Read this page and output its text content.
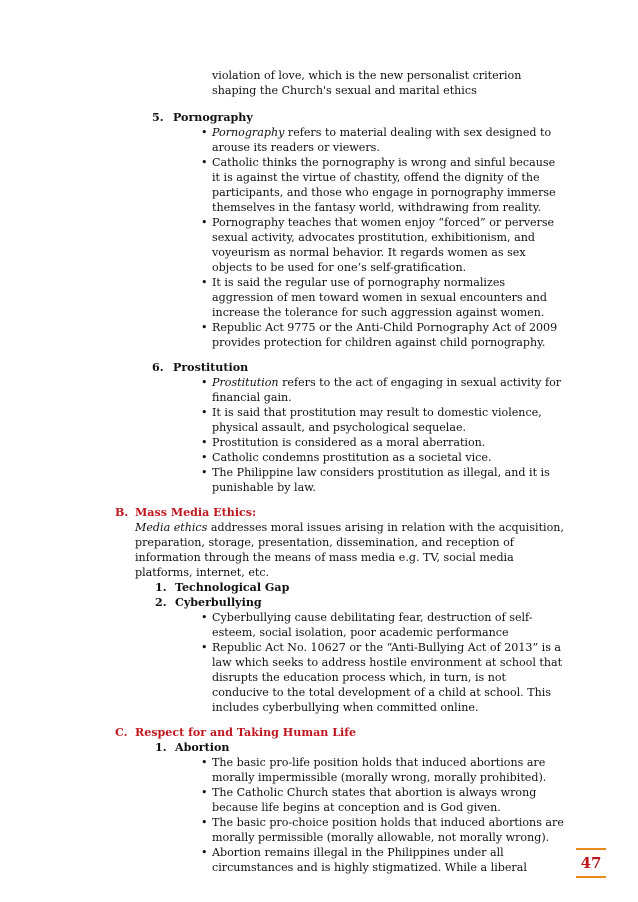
violation of love, which is the new personalist criterion
shaping the Church's sexual and marital ethics
5. Pornography
• Pornography refers to material dealing with sex designed to
arouse its readers or viewers.
• Catholic thinks the pornography is wrong and sinful because
it is against the virtue of chastity, offend the dignity of the
participants, and those who engage in pornography immerse
themselves in the fantasy world, withdrawing from reality.
• Pornography teaches that women enjoy “forced” or perverse
sexual activity, advocates prostitution, exhibitionism, and
voyeurism as normal behavior. It regards women as sex
objects to be used for one’s self-gratification.
• It is said the regular use of pornography normalizes
aggression of men toward women in sexual encounters and
increase the tolerance for such aggression against women.
• Republic Act 9775 or the Anti-Child Pornography Act of 2009
provides protection for children against child pornography.
6. Prostitution
• Prostitution refers to the act of engaging in sexual activity for
financial gain.
• It is said that prostitution may result to domestic violence,
physical assault, and psychological sequelae.
• Prostitution is considered as a moral aberration.
• Catholic condemns prostitution as a societal vice.
• The Philippine law considers prostitution as illegal, and it is
punishable by law.
B. Mass Media Ethics:
Media ethics addresses moral issues arising in relation with the acquisition,
preparation, storage, presentation, dissemination, and reception of
information through the means of mass media e.g. TV, social media
platforms, internet, etc.
1. Technological Gap
2. Cyberbullying
• Cyberbullying cause debilitating fear, destruction of self-
esteem, social isolation, poor academic performance
• Republic Act No. 10627 or the “Anti-Bullying Act of 2013” is a
law which seeks to address hostile environment at school that
disrupts the education process which, in turn, is not
conducive to the total development of a child at school. This
includes cyberbullying when committed online.
C. Respect for and Taking Human Life
1. Abortion
• The basic pro-life position holds that induced abortions are
morally impermissible (morally wrong, morally prohibited).
• The Catholic Church states that abortion is always wrong
because life begins at conception and is God given.
• The basic pro-choice position holds that induced abortions are
morally permissible (morally allowable, not morally wrong).
• Abortion remains illegal in the Philippines under all
circumstances and is highly stigmatized. While a liberal	47
